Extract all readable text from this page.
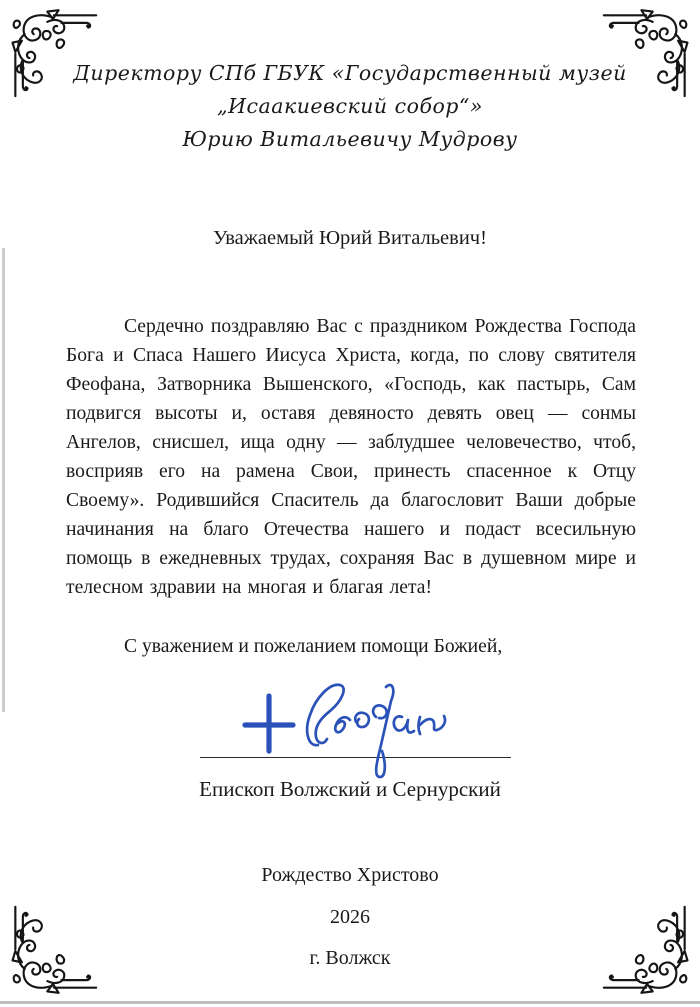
Директору СПб ГБУК «Государственный музей
„Исаакиевский собор“»
Юрию Витальевичу Мудрову
Уважаемый Юрий Витальевич!

Сердечно поздравляю Вас с праздником Рождества Господа Бога и Спаса Нашего Иисуса Христа, когда, по слову святителя Феофана, Затворника Вышенского, «Господь, как пастырь, Сам подвигся высоты и, оставя девяносто девять овец — сонмы Ангелов, снисшел, ища одну — заблудшее человечество, чтоб, восприяв его на рамена Свои, принесть спасенное к Отцу Своему». Родившийся Спаситель да благословит Ваши добрые начинания на благо Отечества нашего и подаст всесильную помощь в ежедневных трудах, сохраняя Вас в душевном мире и телесном здравии на многая и благая лета!

С уважением и пожеланием помощи Божией,
Епископ Волжский и Сернурский
Рождество Христово
2026
г. Волжск
